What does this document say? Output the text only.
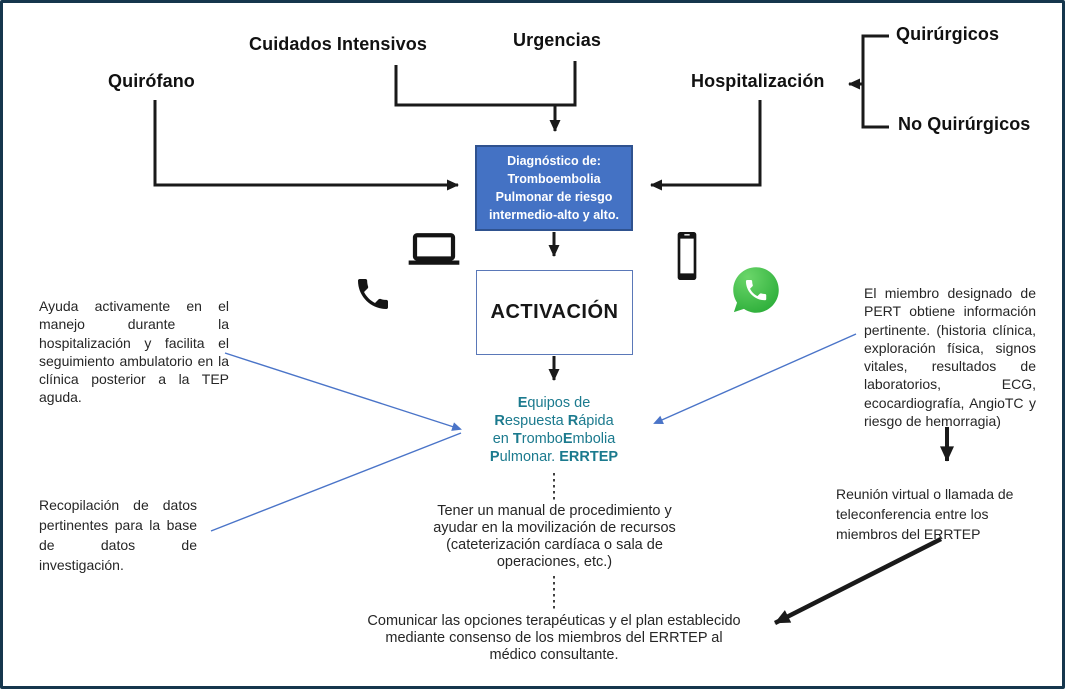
Quirófano
Cuidados Intensivos	Urgencias
Hospitalización
Quirúrgicos
No Quirúrgicos
Diagnóstico de:
Tromboembolia
Pulmonar de riesgo
intermedio-alto y alto.
ACTIVACIÓN
Equipos de
Respuesta Rápida
en TromboEmbolia
Pulmonar. ERRTEP
Ayuda activamente en el manejo durante la hospitalización y facilita el seguimiento ambulatorio en la clínica posterior a la TEP aguda.
Recopilación de datos pertinentes para la base de datos de investigación.
El miembro designado de PERT obtiene información pertinente. (historia clínica, exploración física, signos vitales, resultados de laboratorios, ECG, ecocardiografía, AngioTC y riesgo de hemorragia)
Reunión virtual o llamada de teleconferencia entre los miembros del ERRTEP
Tener un manual de procedimiento y ayudar en la movilización de recursos (cateterización cardíaca o sala de operaciones, etc.)
Comunicar las opciones terapéuticas y el plan establecido mediante consenso de los miembros del ERRTEP al médico consultante.
